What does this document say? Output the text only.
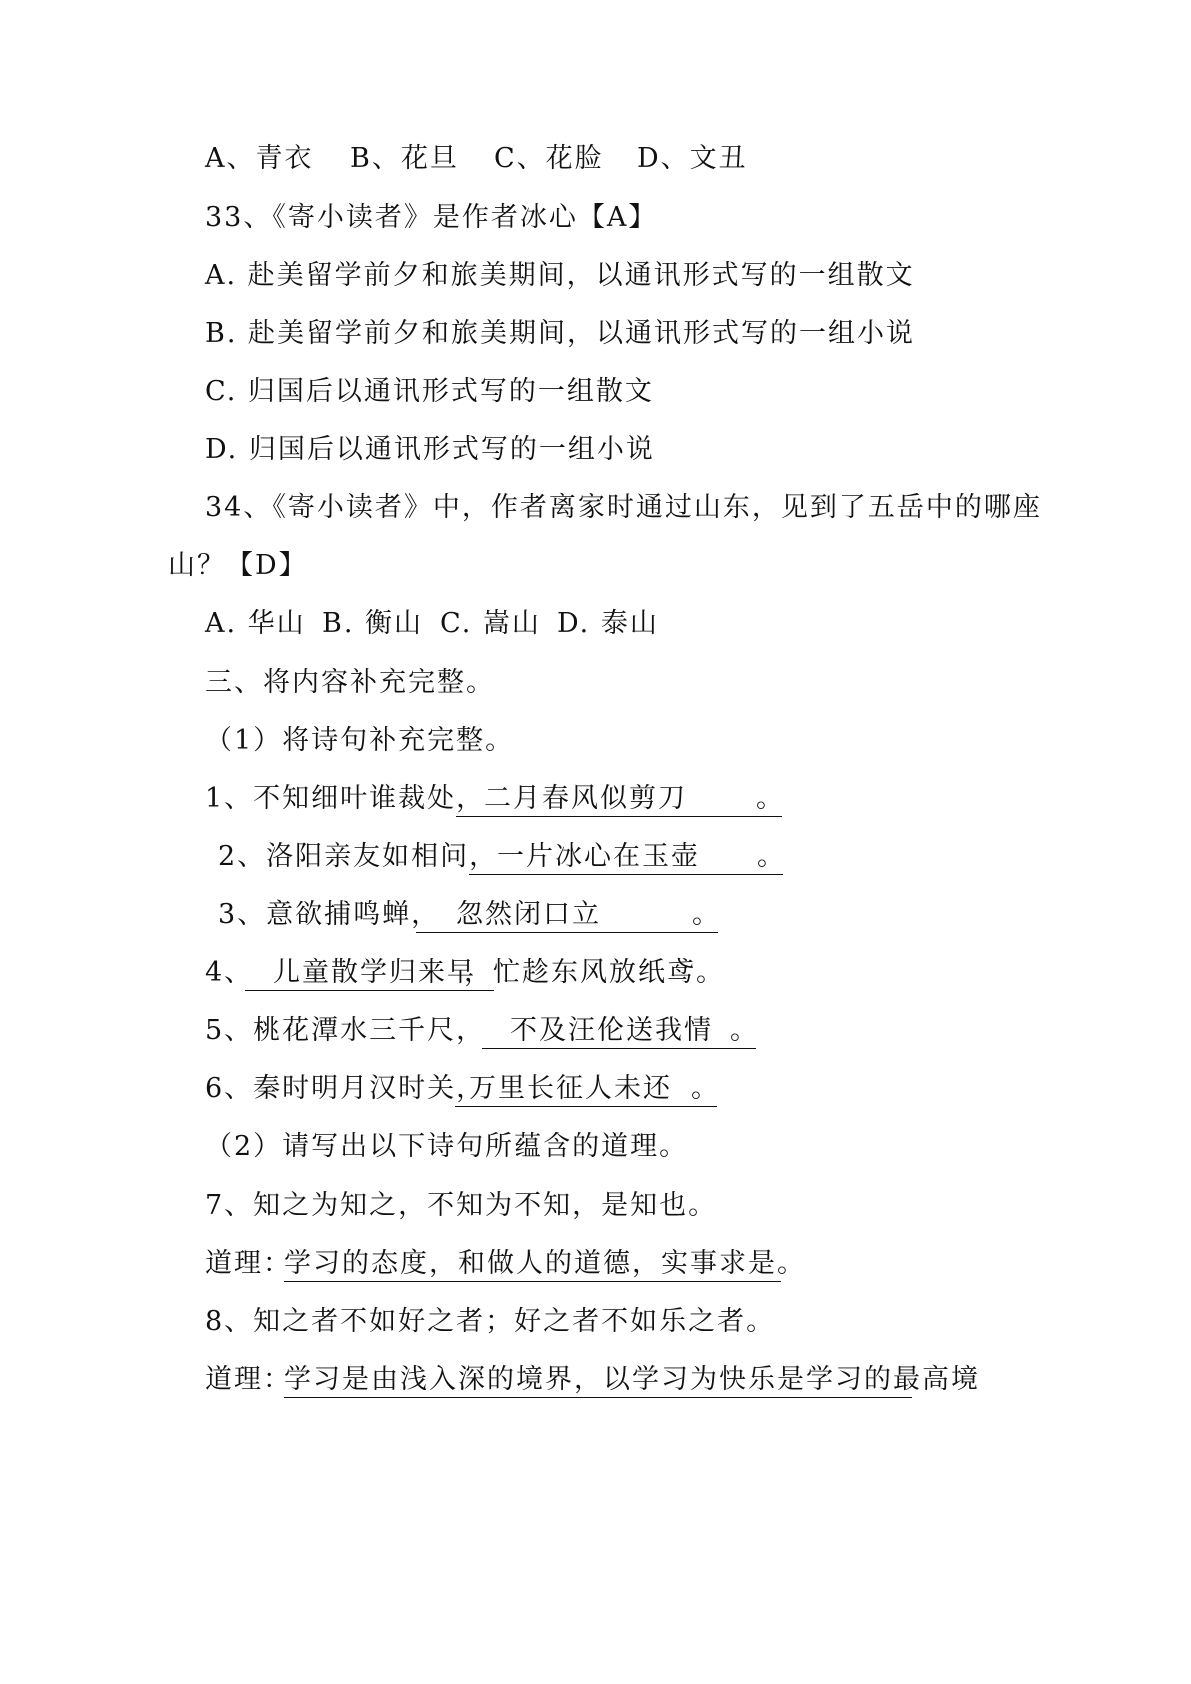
A、青衣 B、花旦 C、花脸 D、文丑
33、《寄小读者》是作者冰心【A】
A. 赴美留学前夕和旅美期间，以通讯形式写的一组散文
B. 赴美留学前夕和旅美期间，以通讯形式写的一组小说
C. 归国后以通讯形式写的一组散文
D. 归国后以通讯形式写的一组小说
34、《寄小读者》中，作者离家时通过山东，见到了五岳中的哪座
山？【D】
A. 华山 B. 衡山 C. 嵩山 D. 泰山
三、将内容补充完整。
（1）将诗句补充完整。
1、不知细叶谁裁处，
二月春风似剪刀	。
2、洛阳亲友如相问，
一片冰心在玉壶 。
3、意欲捕鸣蝉， 忽然闭口立	。
4、 儿童散学归来早
，忙趁东风放纸鸢。
5、桃花潭水三千尺， 不及汪伦送我情 。
6、秦时明月汉时关，
万里长征人未还 。
（2）请写出以下诗句所蕴含的道理。
7、知之为知之，不知为不知，是知也。
道理：
学习的态度，和做人的道德，实事求是。
8、知之者不如好之者；好之者不如乐之者。
道理：
学习是由浅入深的境界，以学习为快乐是学习的最高境
